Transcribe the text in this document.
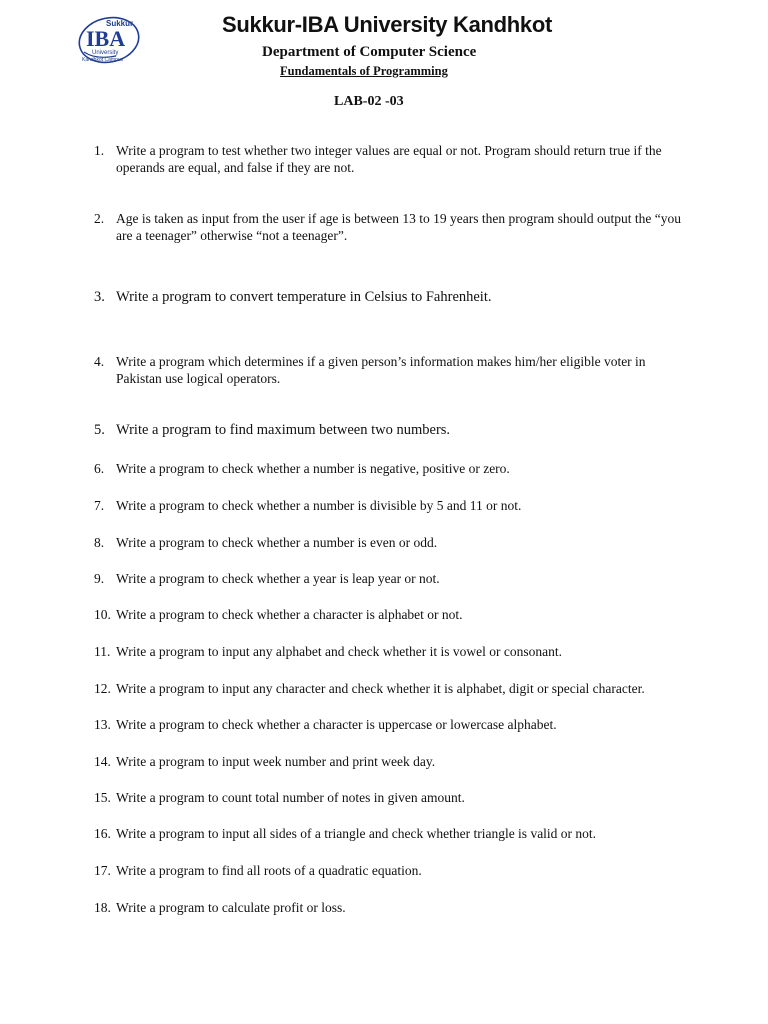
Sukkur
IBA
University
Kandhkot Campus
Sukkur-IBA University Kandhkot
Department of Computer Science
Fundamentals of Programming
LAB-02 -03
1. Write a program to test whether two integer values are equal or not. Program should return true if the operands are equal, and false if they are not.
2. Age is taken as input from the user if age is between 13 to 19 years then program should output the “you are a teenager” otherwise “not a teenager”.
3. Write a program to convert temperature in Celsius to Fahrenheit.
4. Write a program which determines if a given person’s information makes him/her eligible voter in Pakistan use logical operators.
5. Write a program to find maximum between two numbers.
6. Write a program to check whether a number is negative, positive or zero.
7. Write a program to check whether a number is divisible by 5 and 11 or not.
8. Write a program to check whether a number is even or odd.
9. Write a program to check whether a year is leap year or not.
10. Write a program to check whether a character is alphabet or not.
11. Write a program to input any alphabet and check whether it is vowel or consonant.
12. Write a program to input any character and check whether it is alphabet, digit or special character.
13. Write a program to check whether a character is uppercase or lowercase alphabet.
14. Write a program to input week number and print week day.
15. Write a program to count total number of notes in given amount.
16. Write a program to input all sides of a triangle and check whether triangle is valid or not.
17. Write a program to find all roots of a quadratic equation.
18. Write a program to calculate profit or loss.
